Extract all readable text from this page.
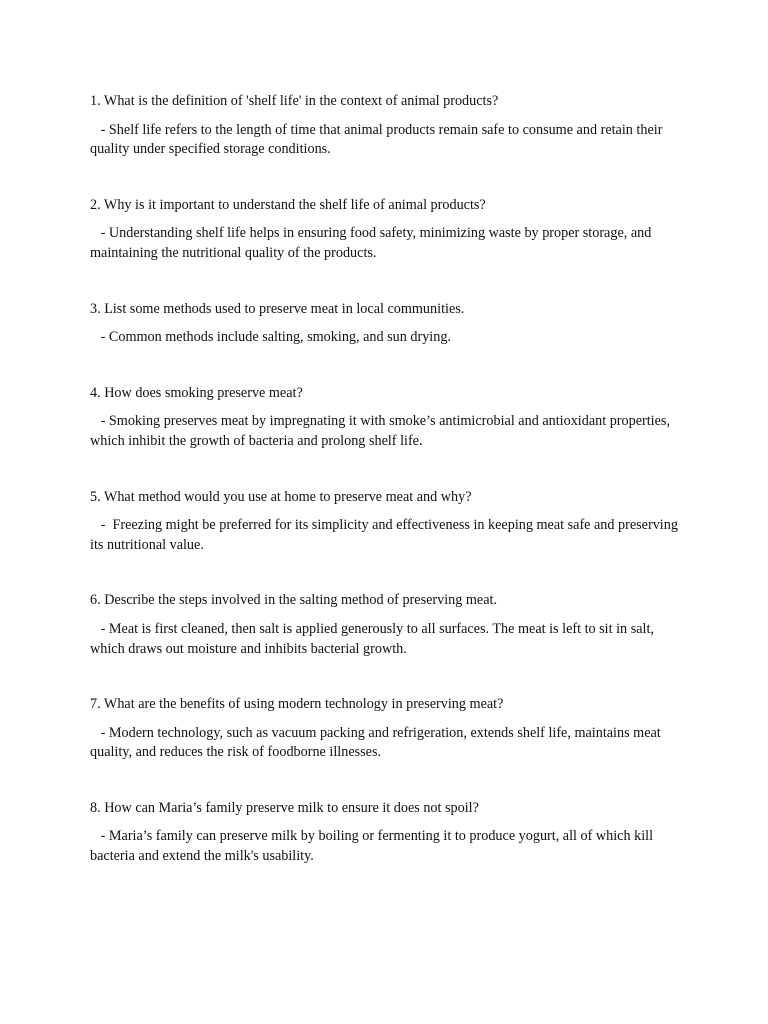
1. What is the definition of 'shelf life' in the context of animal products?

- Shelf life refers to the length of time that animal products remain safe to consume and retain their quality under specified storage conditions.

2. Why is it important to understand the shelf life of animal products?

- Understanding shelf life helps in ensuring food safety, minimizing waste by proper storage, and maintaining the nutritional quality of the products.

3. List some methods used to preserve meat in local communities.

- Common methods include salting, smoking, and sun drying.

4. How does smoking preserve meat?

- Smoking preserves meat by impregnating it with smoke’s antimicrobial and antioxidant properties, which inhibit the growth of bacteria and prolong shelf life.

5. What method would you use at home to preserve meat and why?

-  Freezing might be preferred for its simplicity and effectiveness in keeping meat safe and preserving its nutritional value.

6. Describe the steps involved in the salting method of preserving meat.

- Meat is first cleaned, then salt is applied generously to all surfaces. The meat is left to sit in salt, which draws out moisture and inhibits bacterial growth.

7. What are the benefits of using modern technology in preserving meat?

- Modern technology, such as vacuum packing and refrigeration, extends shelf life, maintains meat quality, and reduces the risk of foodborne illnesses.

8. How can Maria’s family preserve milk to ensure it does not spoil?

- Maria’s family can preserve milk by boiling or fermenting it to produce yogurt, all of which kill bacteria and extend the milk's usability.
